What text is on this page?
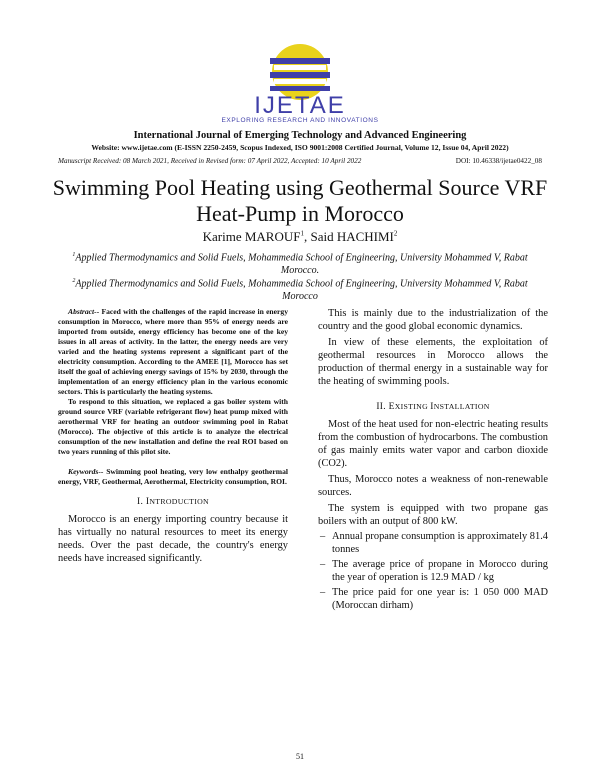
IJETAE
EXPLORING RESEARCH AND INNOVATIONS
International Journal of Emerging Technology and Advanced Engineering
Website: www.ijetae.com (E-ISSN 2250-2459, Scopus Indexed, ISO 9001:2008 Certified Journal, Volume 12, Issue 04, April 2022)
Manuscript Received: 08 March 2021, Received in Revised form: 07 April 2022, Accepted: 10 April 2022	DOI: 10.46338/ijetae0422_08
Swimming Pool Heating using Geothermal Source VRF Heat-Pump in Morocco
Karime MAROUF$^1$, Said HACHIMI$^2$
$^1$Applied Thermodynamics and Solid Fuels, Mohammedia School of Engineering, University Mohammed V, Rabat Morocco.
$^2$Applied Thermodynamics and Solid Fuels, Mohammedia School of Engineering, University Mohammed V, Rabat Morocco

Abstract-- Faced with the challenges of the rapid increase in energy consumption in Morocco, where more than 95% of energy needs are imported from outside, energy efficiency has become one of the key issues in all areas of activity. In the latter, the energy needs are very varied and the heating systems represent a significant part of the electricity consumption. According to the AMEE [1], Morocco has set itself the goal of achieving energy savings of 15% by 2030, through the implementation of an energy efficiency plan in the various economic sectors. This is particularly the heating systems.

To respond to this situation, we replaced a gas boiler system with ground source VRF (variable refrigerant flow) heat pump mixed with aerothermal VRF for heating an outdoor swimming pool in Rabat (Morocco). The objective of this article is to analyze the electrical consumption of the new installation and define the real ROI based on two years running of this pilot site.

Keywords-- Swimming pool heating, very low enthalpy geothermal energy, VRF, Geothermal, Aerothermal, Electricity consumption, ROI.

I. INTRODUCTION

Morocco is an energy importing country because it has virtually no natural resources to meet its energy needs. Over the past decade, the country's energy needs have increased significantly.

This is mainly due to the industrialization of the country and the good global economic dynamics.

In view of these elements, the exploitation of geothermal resources in Morocco allows the production of thermal energy in a sustainable way for the heating of swimming pools.

II. EXISTING INSTALLATION

Most of the heat used for non-electric heating results from the combustion of hydrocarbons. The combustion of gas mainly emits water vapor and carbon dioxide (CO2).

Thus, Morocco notes a weakness of non-renewable sources.

The system is equipped with two propane gas boilers with an output of 800 kW.

– Annual propane consumption is approximately 81.4 tonnes
– The average price of propane in Morocco during the year of operation is 12.9 MAD / kg
– The price paid for one year is: 1 050 000 MAD (Moroccan dirham)
51
